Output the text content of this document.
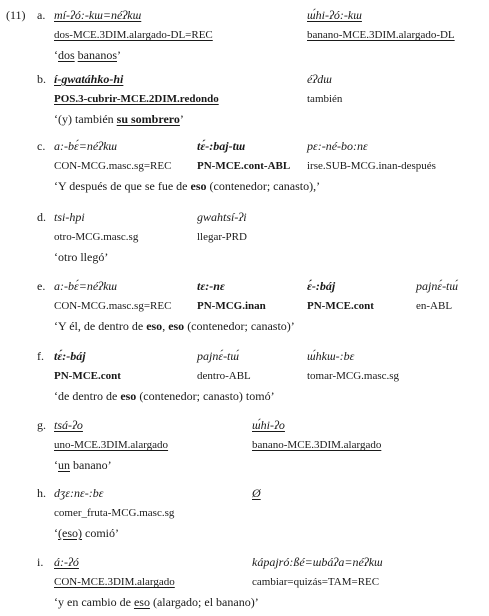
(11) a. mí-ʔó:-kɯ=néʔkɯ
dos-MCE.3DIM.alargado-DL=REC
ɯ́hi-ʔó:-kɯ
banano-MCE.3DIM.alargado-DL
‘dos bananos’
b. í-gwatáhko-hi
POS.3-cubrir-MCE.2DIM.redondo
éʔdɯ
también
‘(y) también su sombrero’
c. a:-bɛ́=néʔkɯ
CON-MCG.masc.sg=REC
tɛ́-:baj-tɯ
PN-MCE.cont-ABL
pɛ:-né-bo:nɛ
irse.SUB-MCG.inan-después
‘Y después de que se fue de eso (contenedor; canasto),’
d. tsi-hpi
otro-MCG.masc.sg
gwahtsí-ʔi
llegar-PRD
‘otro llegó’
e. a:-bɛ́=néʔkɯ
CON-MCG.masc.sg=REC
tɛ:-nɛ
PN-MCG.inan
ɛ́-:báj
PN-MCE.cont
pajnɛ́-tɯ́
en-ABL
‘Y él, de dentro de eso, eso (contenedor; canasto)’
f. tɛ́:-báj
PN-MCE.cont
pajnɛ́-tɯ́
dentro-ABL
ɯ́hkɯ-:bɛ
tomar-MCG.masc.sg
‘de dentro de eso (contenedor; canasto) tomó’
g. tsá-ʔo
uno-MCE.3DIM.alargado
ɯ́hi-ʔo
banano-MCE.3DIM.alargado
‘un banano’
h. dʒɛ:nɛ-:bɛ
comer_fruta-MCG.masc.sg
Ø
‘(eso) comió’
i. á:-ʔó
CON-MCE.3DIM.alargado
kápajró:ßé=ɯbáʔa=néʔkɯ
cambiar=quizás=TAM=REC
‘y en cambio de eso (alargado; el banano)’
